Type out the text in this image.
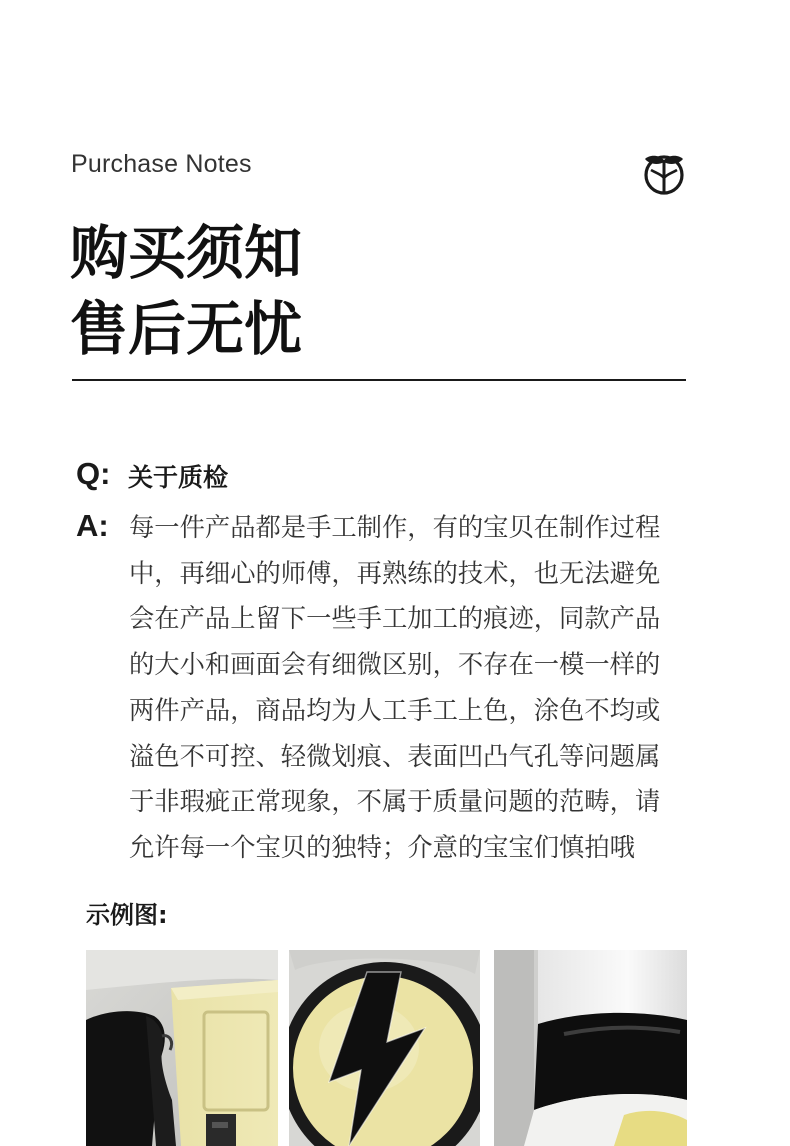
Purchase Notes
购买须知
售后无忧
Q: 关于质检
A: 每一件产品都是手工制作，有的宝贝在制作过程
中，再细心的师傅，再熟练的技术，也无法避免
会在产品上留下一些手工加工的痕迹，同款产品
的大小和画面会有细微区别，不存在一模一样的
两件产品，商品均为人工手工上色，涂色不均或
溢色不可控、轻微划痕、表面凹凸气孔等问题属
于非瑕疵正常现象，不属于质量问题的范畴，请
允许每一个宝贝的独特；介意的宝宝们慎拍哦
示例图:
